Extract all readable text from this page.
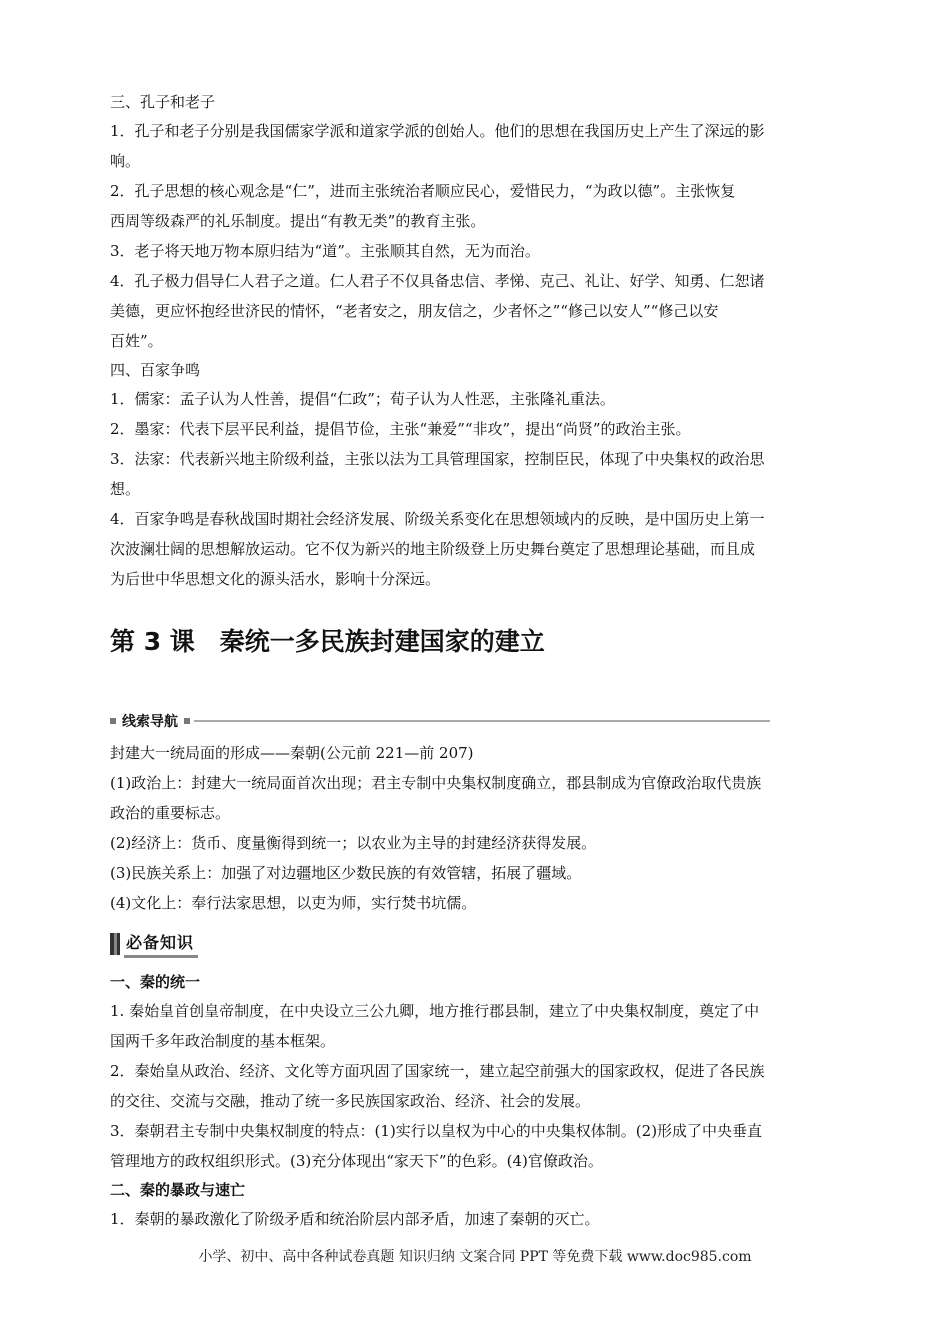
三、孔子和老子

1．孔子和老子分别是我国儒家学派和道家学派的创始人。他们的思想在我国历史上产生了深远的影

响。

2．孔子思想的核心观念是“仁”，进而主张统治者顺应民心，爱惜民力，“为政以德”。主张恢复

西周等级森严的礼乐制度。提出“有教无类”的教育主张。

3．老子将天地万物本原归结为“道”。主张顺其自然，无为而治。

4．孔子极力倡导仁人君子之道。仁人君子不仅具备忠信、孝悌、克己、礼让、好学、知勇、仁恕诸

美德，更应怀抱经世济民的情怀，“老者安之，朋友信之，少者怀之”“修己以安人”“修己以安

百姓”。

四、百家争鸣

1．儒家：孟子认为人性善，提倡“仁政”；荀子认为人性恶，主张隆礼重法。

2．墨家：代表下层平民利益，提倡节俭，主张“兼爱”“非攻”，提出“尚贤”的政治主张。

3．法家：代表新兴地主阶级利益，主张以法为工具管理国家，控制臣民，体现了中央集权的政治思

想。

4．百家争鸣是春秋战国时期社会经济发展、阶级关系变化在思想领域内的反映，是中国历史上第一

次波澜壮阔的思想解放运动。它不仅为新兴的地主阶级登上历史舞台奠定了思想理论基础，而且成

为后世中华思想文化的源头活水，影响十分深远。

第 3 课　秦统一多民族封建国家的建立
线索导航

封建大一统局面的形成——秦朝(公元前 221—前 207)

(1)政治上：封建大一统局面首次出现；君主专制中央集权制度确立，郡县制成为官僚政治取代贵族

政治的重要标志。

(2)经济上：货币、度量衡得到统一；以农业为主导的封建经济获得发展。

(3)民族关系上：加强了对边疆地区少数民族的有效管辖，拓展了疆域。

(4)文化上：奉行法家思想，以吏为师，实行焚书坑儒。

必备知识
一、秦的统一

1. 秦始皇首创皇帝制度，在中央设立三公九卿，地方推行郡县制，建立了中央集权制度，奠定了中

国两千多年政治制度的基本框架。

2．秦始皇从政治、经济、文化等方面巩固了国家统一，建立起空前强大的国家政权，促进了各民族

的交往、交流与交融，推动了统一多民族国家政治、经济、社会的发展。

3．秦朝君主专制中央集权制度的特点：(1)实行以皇权为中心的中央集权体制。(2)形成了中央垂直

管理地方的政权组织形式。(3)充分体现出“家天下”的色彩。(4)官僚政治。

二、秦的暴政与速亡

1．秦朝的暴政激化了阶级矛盾和统治阶层内部矛盾，加速了秦朝的灭亡。

小学、初中、高中各种试卷真题 知识归纳 文案合同 PPT 等免费下载 www.doc985.com
